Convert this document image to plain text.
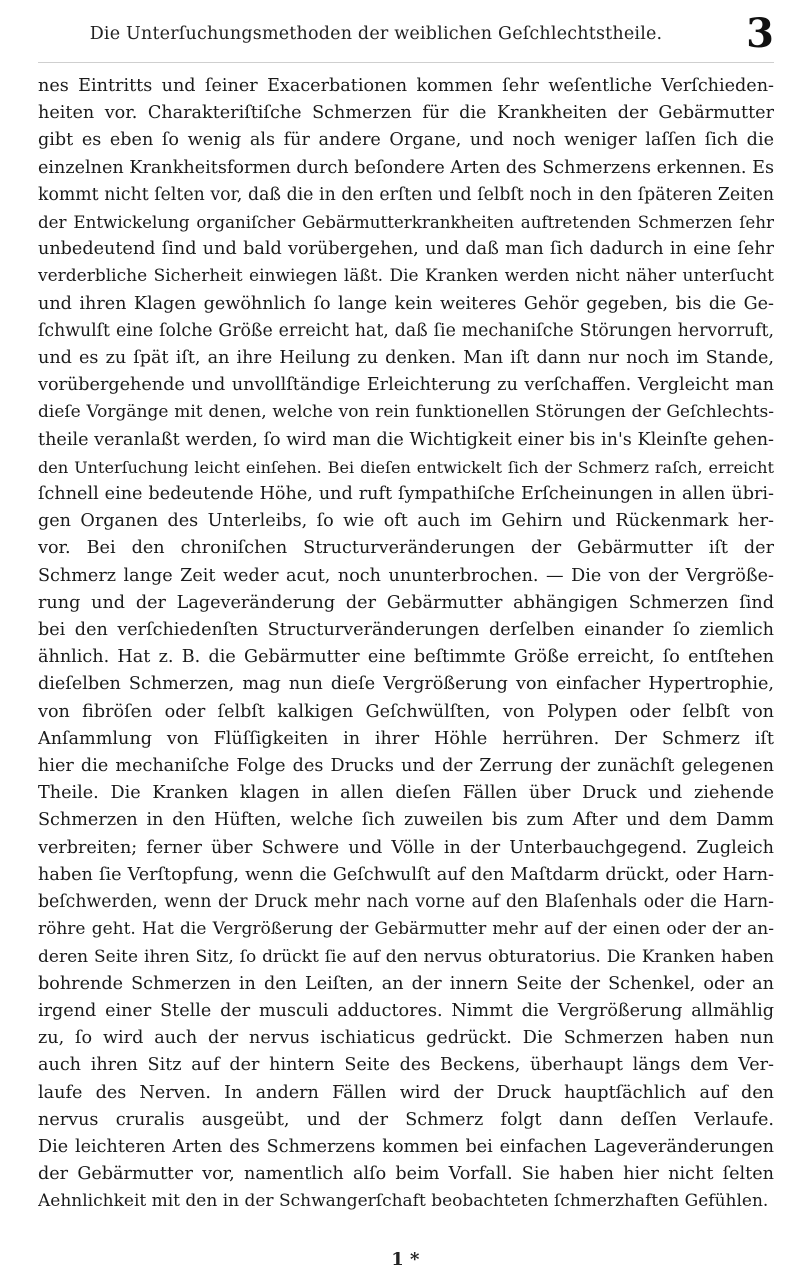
Die Unterſuchungsmethoden der weiblichen Geſchlechtstheile.	3
nes Eintritts und ſeiner Exacerbationen kommen ſehr weſentliche Verſchieden-
heiten vor. Charakteriſtiſche Schmerzen für die Krankheiten der Gebärmutter
gibt es eben ſo wenig als für andere Organe, und noch weniger laſſen ſich die
einzelnen Krankheitsformen durch beſondere Arten des Schmerzens erkennen. Es
kommt nicht ſelten vor, daß die in den erſten und ſelbſt noch in den ſpäteren Zeiten
der Entwickelung organiſcher Gebärmutterkrankheiten auftretenden Schmerzen ſehr
unbedeutend ſind und bald vorübergehen, und daß man ſich dadurch in eine ſehr
verderbliche Sicherheit einwiegen läßt. Die Kranken werden nicht näher unterſucht
und ihren Klagen gewöhnlich ſo lange kein weiteres Gehör gegeben, bis die Ge-
ſchwulſt eine ſolche Größe erreicht hat, daß ſie mechaniſche Störungen hervorruft,
und es zu ſpät iſt, an ihre Heilung zu denken. Man iſt dann nur noch im Stande,
vorübergehende und unvollſtändige Erleichterung zu verſchaffen. Vergleicht man
dieſe Vorgänge mit denen, welche von rein funktionellen Störungen der Geſchlechts-
theile veranlaßt werden, ſo wird man die Wichtigkeit einer bis in's Kleinſte gehen-
den Unterſuchung leicht einſehen. Bei dieſen entwickelt ſich der Schmerz raſch, erreicht
ſchnell eine bedeutende Höhe, und ruft ſympathiſche Erſcheinungen in allen übri-
gen Organen des Unterleibs, ſo wie oft auch im Gehirn und Rückenmark her-
vor. Bei den chroniſchen Structurveränderungen der Gebärmutter iſt der
Schmerz lange Zeit weder acut, noch ununterbrochen. — Die von der Vergröße-
rung und der Lageveränderung der Gebärmutter abhängigen Schmerzen ſind
bei den verſchiedenſten Structurveränderungen derſelben einander ſo ziemlich
ähnlich. Hat z. B. die Gebärmutter eine beſtimmte Größe erreicht, ſo entſtehen
dieſelben Schmerzen, mag nun dieſe Vergrößerung von einfacher Hypertrophie,
von fibröſen oder ſelbſt kalkigen Geſchwülſten, von Polypen oder ſelbſt von
Anſammlung von Flüſſigkeiten in ihrer Höhle herrühren. Der Schmerz iſt
hier die mechaniſche Folge des Drucks und der Zerrung der zunächſt gelegenen
Theile. Die Kranken klagen in allen dieſen Fällen über Druck und ziehende
Schmerzen in den Hüften, welche ſich zuweilen bis zum After und dem Damm
verbreiten; ferner über Schwere und Völle in der Unterbauchgegend. Zugleich
haben ſie Verſtopfung, wenn die Geſchwulſt auf den Maſtdarm drückt, oder Harn-
beſchwerden, wenn der Druck mehr nach vorne auf den Blaſenhals oder die Harn-
röhre geht. Hat die Vergrößerung der Gebärmutter mehr auf der einen oder der an-
deren Seite ihren Sitz, ſo drückt ſie auf den nervus obturatorius. Die Kranken haben
bohrende Schmerzen in den Leiſten, an der innern Seite der Schenkel, oder an
irgend einer Stelle der musculi adductores. Nimmt die Vergrößerung allmählig
zu, ſo wird auch der nervus ischiaticus gedrückt. Die Schmerzen haben nun
auch ihren Sitz auf der hintern Seite des Beckens, überhaupt längs dem Ver-
laufe des Nerven. In andern Fällen wird der Druck hauptſächlich auf den
nervus cruralis ausgeübt, und der Schmerz folgt dann deſſen Verlaufe.
Die leichteren Arten des Schmerzens kommen bei einfachen Lageveränderungen
der Gebärmutter vor, namentlich alſo beim Vorfall. Sie haben hier nicht ſelten
Aehnlichkeit mit den in der Schwangerſchaft beobachteten ſchmerzhaften Gefühlen.
1 *
